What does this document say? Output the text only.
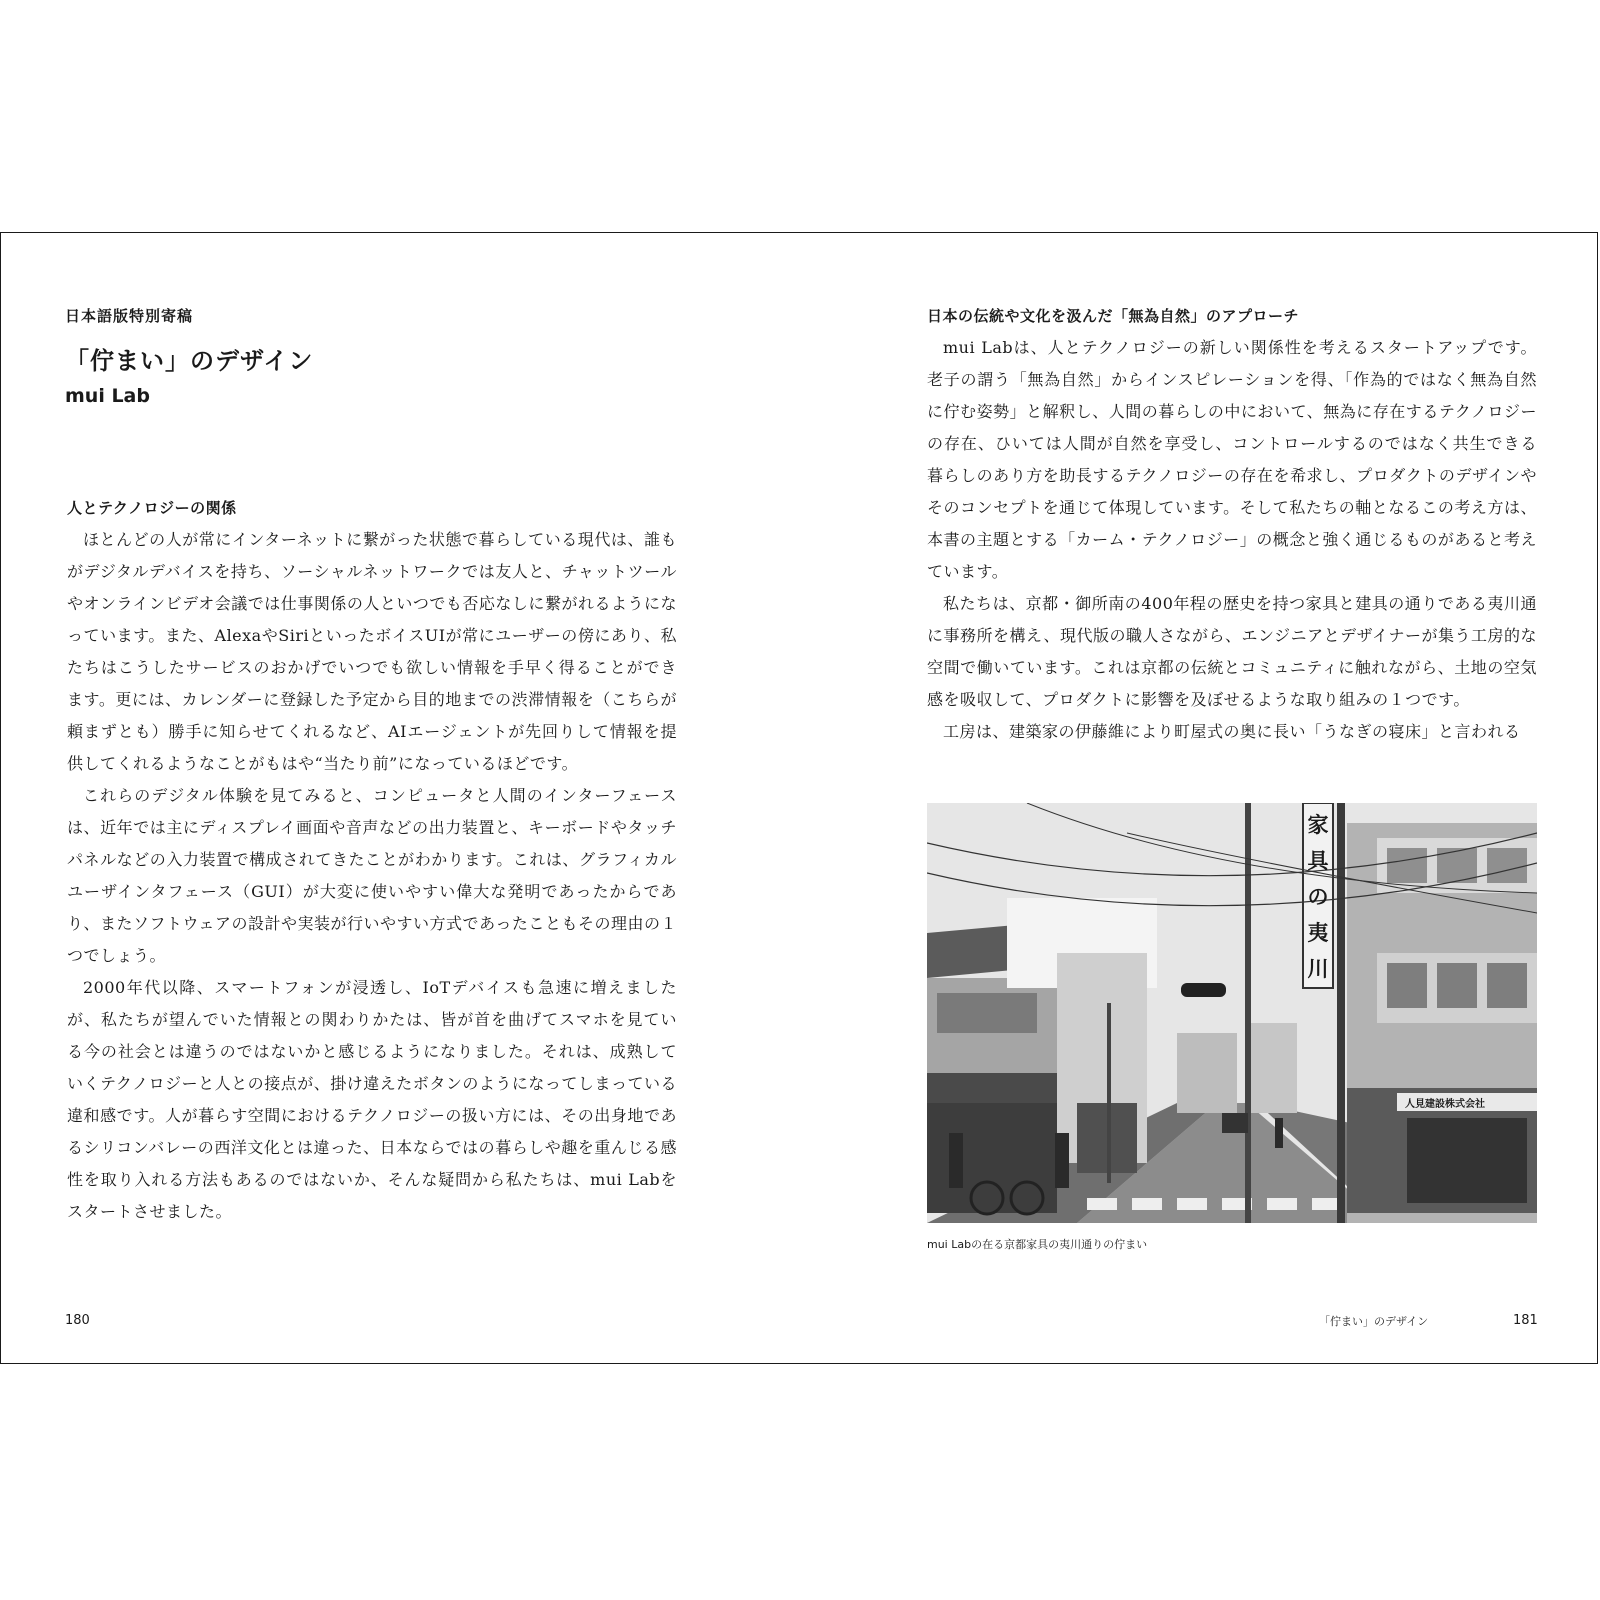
日本語版特別寄稿
「佇まい」のデザイン
mui Lab
人とテクノロジーの関係

ほとんどの人が常にインターネットに繋がった状態で暮らしている現代は、誰もがデジタルデバイスを持ち、ソーシャルネットワークでは友人と、チャットツールやオンラインビデオ会議では仕事関係の人といつでも否応なしに繋がれるようになっています。また、AlexaやSiriといったボイスUIが常にユーザーの傍にあり、私たちはこうしたサービスのおかげでいつでも欲しい情報を手早く得ることができます。更には、カレンダーに登録した予定から目的地までの渋滞情報を（こちらが頼まずとも）勝手に知らせてくれるなど、AIエージェントが先回りして情報を提供してくれるようなことがもはや“当たり前”になっているほどです。

これらのデジタル体験を見てみると、コンピュータと人間のインターフェースは、近年では主にディスプレイ画面や音声などの出力装置と、キーボードやタッチパネルなどの入力装置で構成されてきたことがわかります。これは、グラフィカルユーザインタフェース（GUI）が大変に使いやすい偉大な発明であったからであり、またソフトウェアの設計や実装が行いやすい方式であったこともその理由の１つでしょう。

2000年代以降、スマートフォンが浸透し、IoTデバイスも急速に増えましたが、私たちが望んでいた情報との関わりかたは、皆が首を曲げてスマホを見ている今の社会とは違うのではないかと感じるようになりました。それは、成熟していくテクノロジーと人との接点が、掛け違えたボタンのようになってしまっている違和感です。人が暮らす空間におけるテクノロジーの扱い方には、その出身地であるシリコンバレーの西洋文化とは違った、日本ならではの暮らしや趣を重んじる感性を取り入れる方法もあるのではないか、そんな疑問から私たちは、mui Labをスタートさせました。

180
日本の伝統や文化を汲んだ「無為自然」のアプローチ

mui Labは、人とテクノロジーの新しい関係性を考えるスタートアップです。老子の謂う「無為自然」からインスピレーションを得、「作為的ではなく無為自然に佇む姿勢」と解釈し、人間の暮らしの中において、無為に存在するテクノロジーの存在、ひいては人間が自然を享受し、コントロールするのではなく共生できる暮らしのあり方を助長するテクノロジーの存在を希求し、プロダクトのデザインやそのコンセプトを通じて体現しています。そして私たちの軸となるこの考え方は、本書の主題とする「カーム・テクノロジー」の概念と強く通じるものがあると考えています。

私たちは、京都・御所南の400年程の歴史を持つ家具と建具の通りである夷川通に事務所を構え、現代版の職人さながら、エンジニアとデザイナーが集う工房的な空間で働いています。これは京都の伝統とコミュニティに触れながら、土地の空気感を吸収して、プロダクトに影響を及ぼせるような取り組みの１つです。

工房は、建築家の伊藤維により町屋式の奥に長い「うなぎの寝床」と言われる

家
具
の
夷
川
人見建設株式会社
mui Labの在る京都家具の夷川通りの佇まい
「佇まい」のデザイン	181
